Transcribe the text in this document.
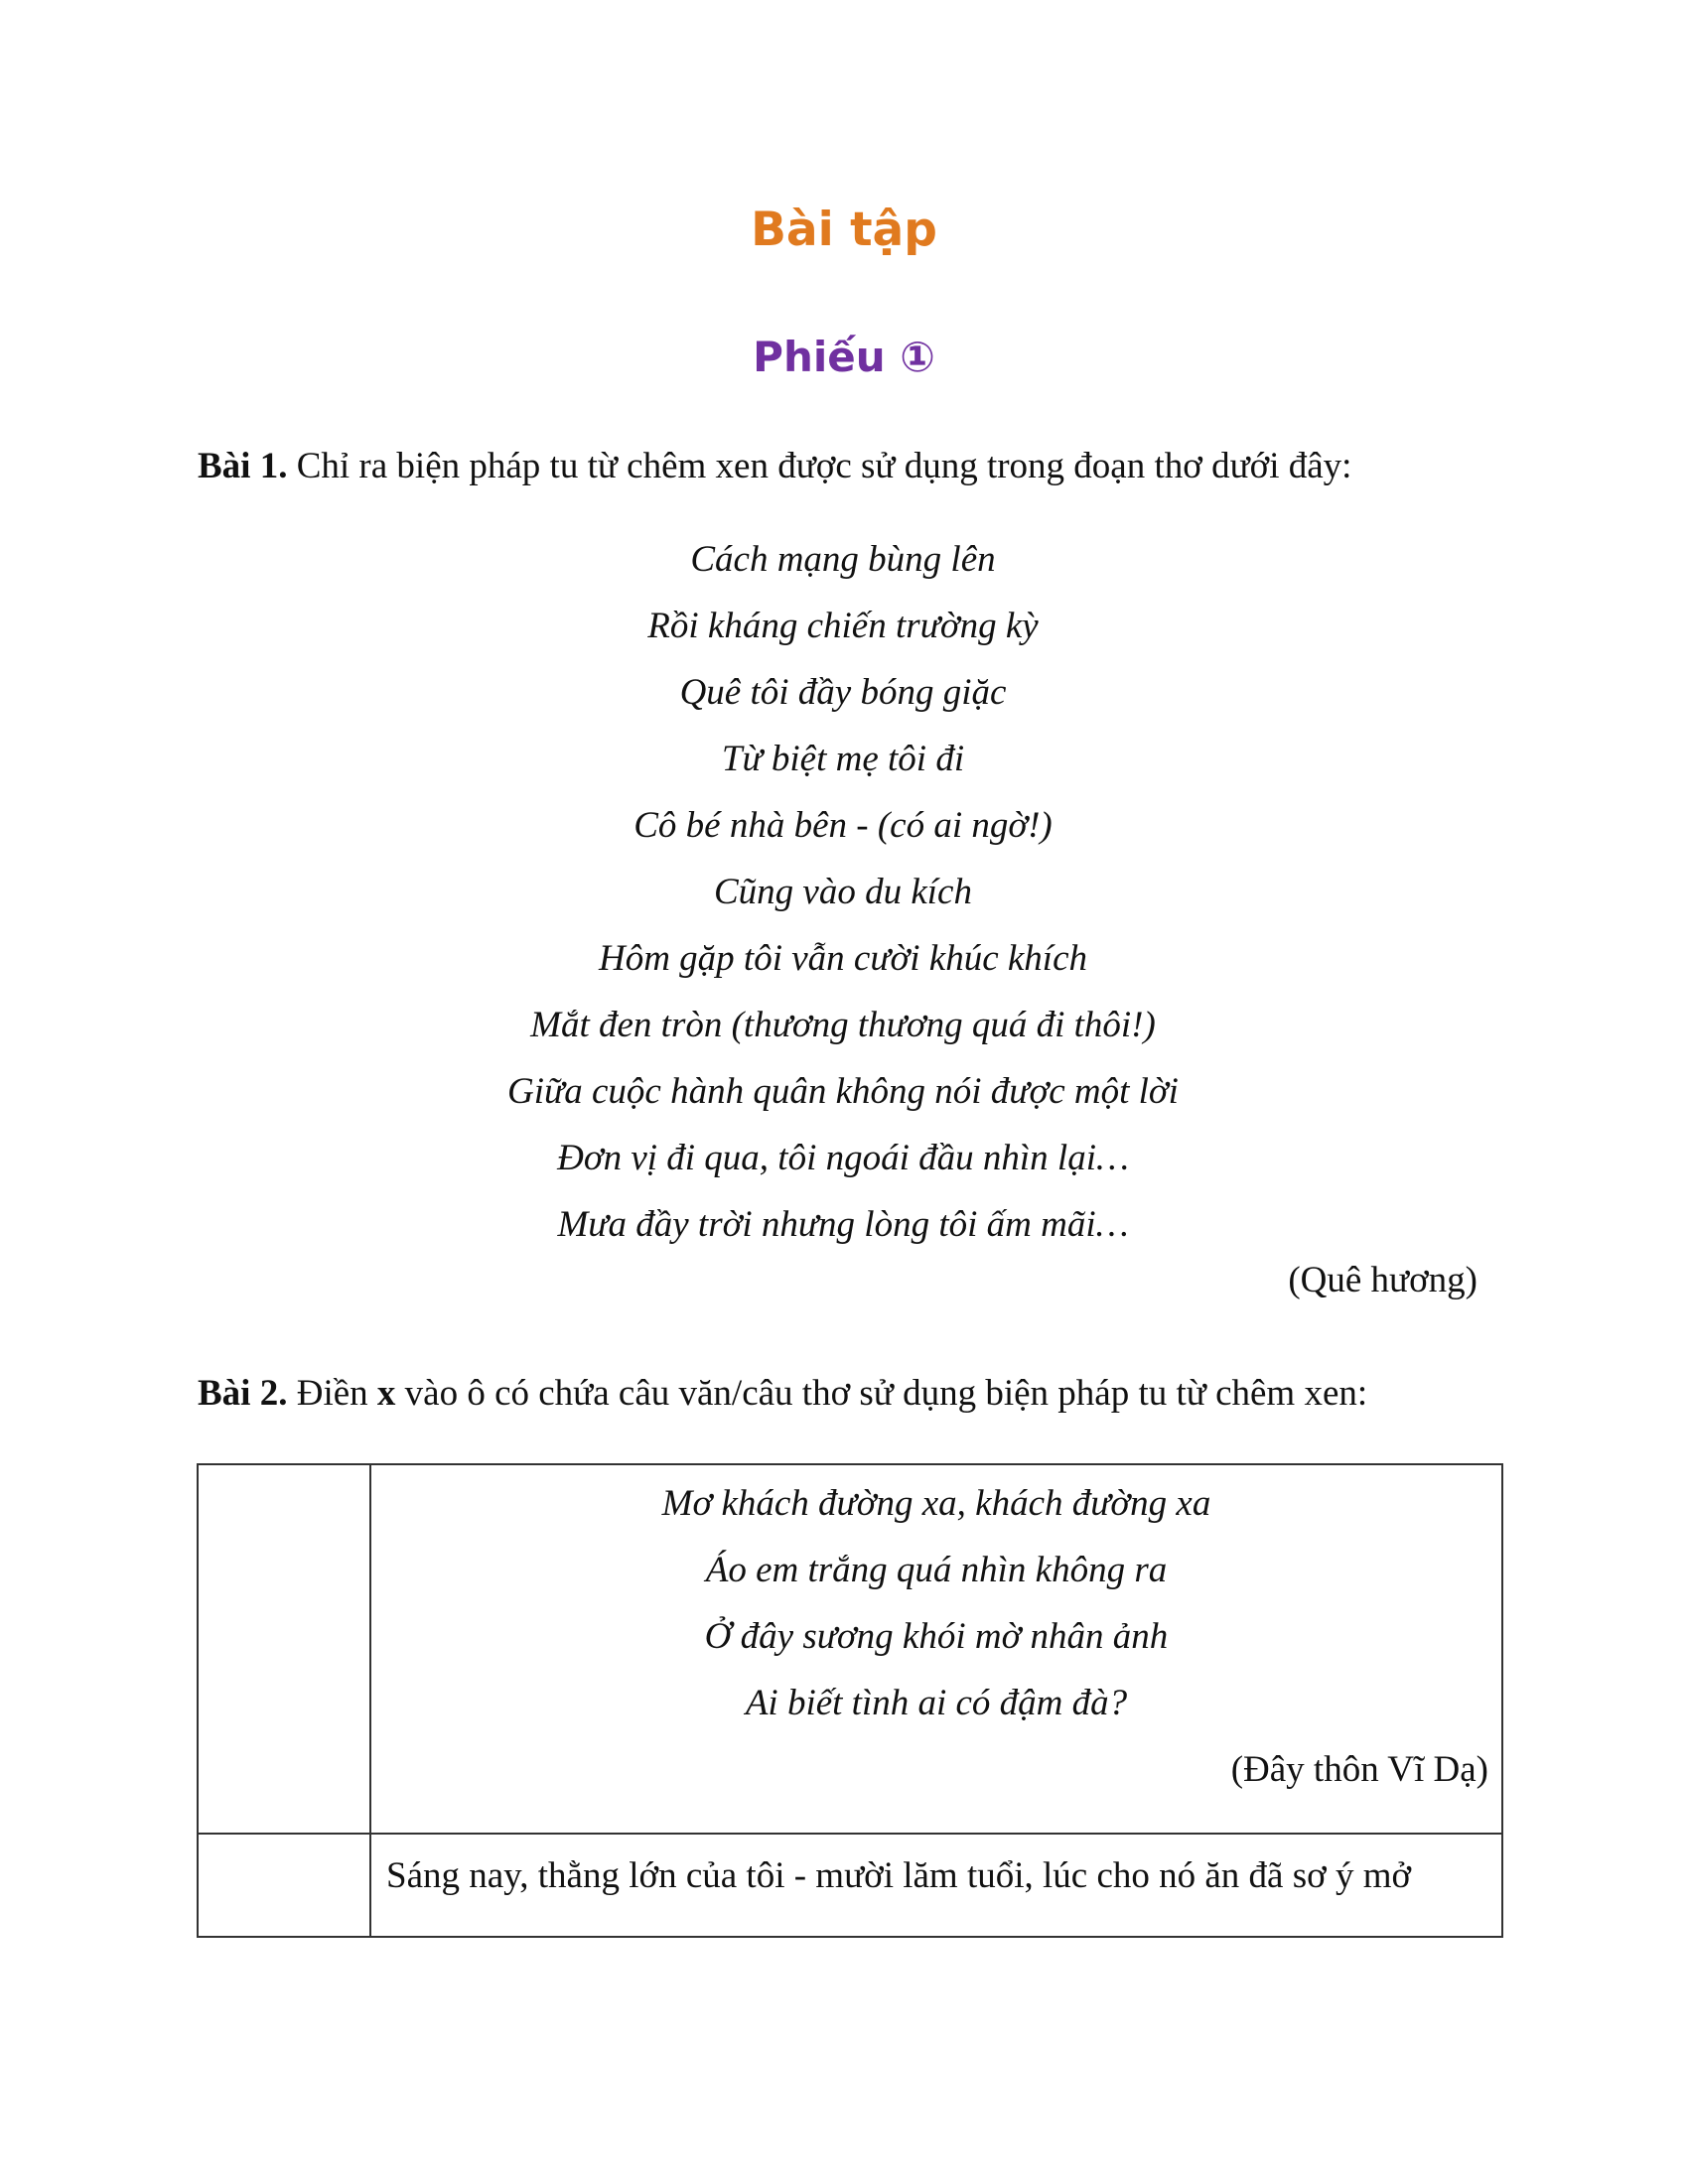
Bài tập
Phiếu ①

Bài 1. Chỉ ra biện pháp tu từ chêm xen được sử dụng trong đoạn thơ dưới đây:

Cách mạng bùng lên
Rồi kháng chiến trường kỳ
Quê tôi đầy bóng giặc
Từ biệt mẹ tôi đi
Cô bé nhà bên - (có ai ngờ!)
Cũng vào du kích
Hôm gặp tôi vẫn cười khúc khích
Mắt đen tròn (thương thương quá đi thôi!)
Giữa cuộc hành quân không nói được một lời
Đơn vị đi qua, tôi ngoái đầu nhìn lại…
Mưa đầy trời nhưng lòng tôi ấm mãi…
(Quê hương)

Bài 2. Điền x vào ô có chứa câu văn/câu thơ sử dụng biện pháp tu từ chêm xen:

	Mơ khách đường xa, khách đường xa
Áo em trắng quá nhìn không ra
Ở đây sương khói mờ nhân ảnh
Ai biết tình ai có đậm đà?
(Đây thôn Vĩ Dạ)

	Sáng nay, thằng lớn của tôi - mười lăm tuổi, lúc cho nó ăn đã sơ ý mở
